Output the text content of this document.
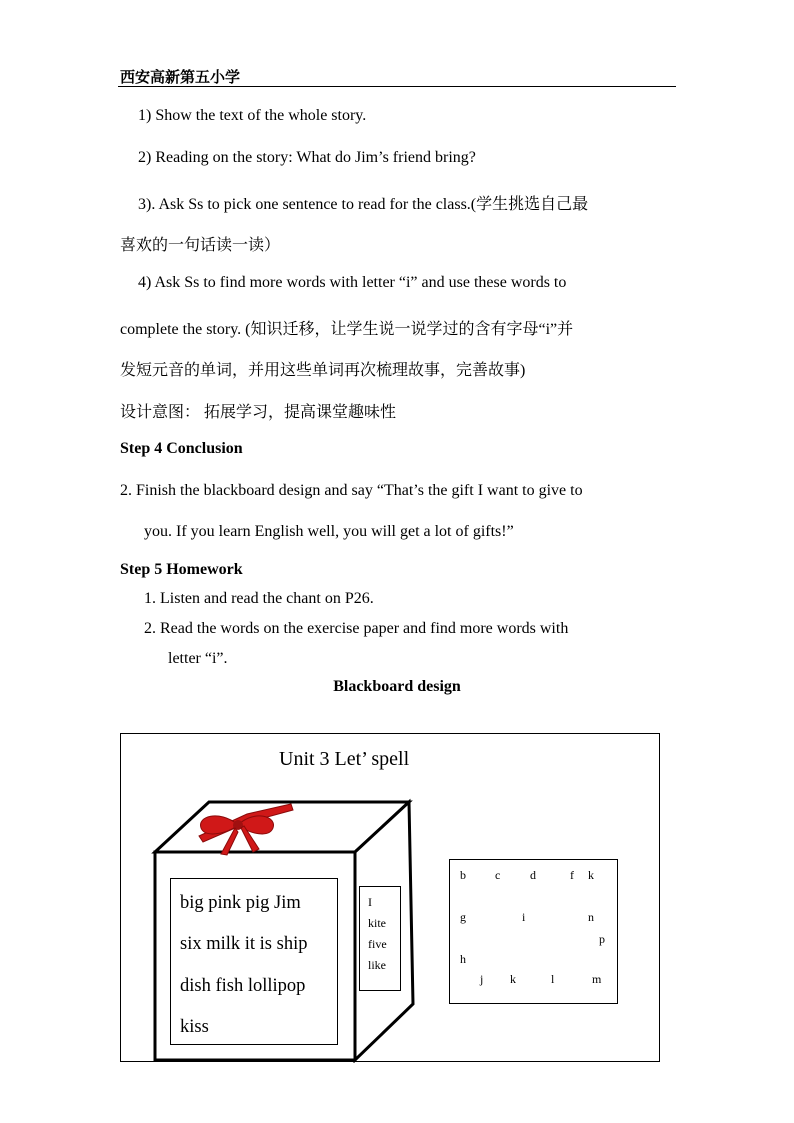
西安高新第五小学
1) Show the text of the whole story.
2) Reading on the story: What do Jim’s friend bring?
3). Ask Ss to pick one sentence to read for the class.(学生挑选自己最
喜欢的一句话读一读）
4) Ask Ss to find more words with letter “i” and use these words to
complete the story. (知识迁移，让学生说一说学过的含有字母“i”并
发短元音的单词，并用这些单词再次梳理故事，完善故事)
设计意图： 拓展学习，提高课堂趣味性
Step 4 Conclusion
2. Finish the blackboard design and say “That’s the gift I want to give to
you. If you learn English well, you will get a lot of gifts!”
Step 5 Homework
1. Listen and read the chant on P26.
2. Read the words on the exercise paper and find more words with
letter “i”.
Blackboard design
Unit 3 Let’ spell
big pink pig Jim
six milk it is ship
dish fish lollipop
kiss
I
kite
five
like
b c d	f k
g	i	n
p
h
j k	l	m
